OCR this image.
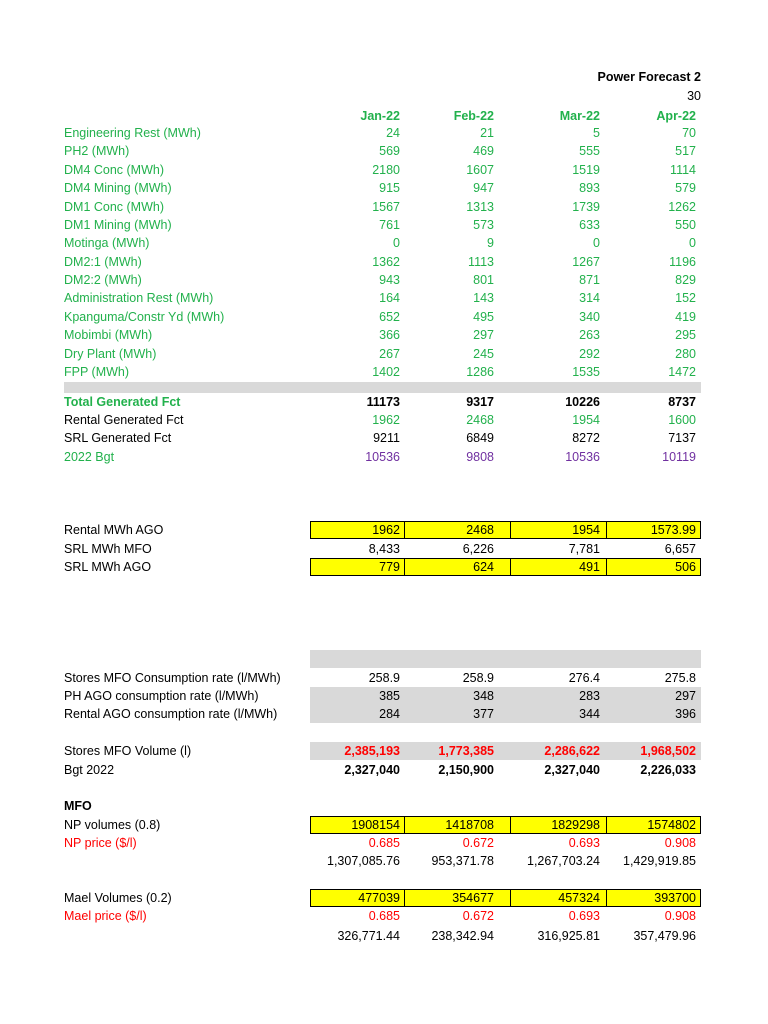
Power Forecast 2
30
Jan-22	Feb-22	Mar-22	Apr-22
Engineering Rest (MWh)	24	21	5	70
PH2 (MWh)	569	469	555	517
DM4 Conc (MWh)	2180	1607	1519	1114
DM4 Mining (MWh)	915	947	893	579
DM1 Conc (MWh)	1567	1313	1739	1262
DM1 Mining (MWh)	761	573	633	550
Motinga (MWh)	0	9	0	0
DM2:1 (MWh)	1362	1113	1267	1196
DM2:2 (MWh)	943	801	871	829
Administration Rest (MWh)	164	143	314	152
Kpanguma/Constr Yd (MWh)	652	495	340	419
Mobimbi (MWh)	366	297	263	295
Dry Plant (MWh)	267	245	292	280
FPP (MWh)	1402	1286	1535	1472
Total Generated Fct	11173	9317	10226	8737
Rental Generated Fct	1962	2468	1954	1600
SRL Generated Fct	9211	6849	8272	7137
2022 Bgt	10536	9808	10536	10119
Rental MWh AGO	1962	2468	1954	1573.99
SRL MWh MFO	8,433	6,226	7,781	6,657
SRL MWh AGO	779	624	491	506
Stores MFO Consumption rate (l/MWh)	258.9	258.9	276.4	275.8
PH AGO consumption rate (l/MWh)	385	348	283	297
Rental AGO consumption rate (l/MWh)	284	377	344	396
Stores MFO Volume (l)	2,385,193	1,773,385	2,286,622	1,968,502
Bgt 2022	2,327,040	2,150,900	2,327,040	2,226,033
MFO
NP volumes (0.8)	1908154	1418708	1829298	1574802
NP price ($/l)	0.685	0.672	0.693	0.908
1,307,085.76	953,371.78	1,267,703.24	1,429,919.85
Mael Volumes (0.2)	477039	354677	457324	393700
Mael price ($/l)	0.685	0.672	0.693	0.908
326,771.44	238,342.94	316,925.81	357,479.96
